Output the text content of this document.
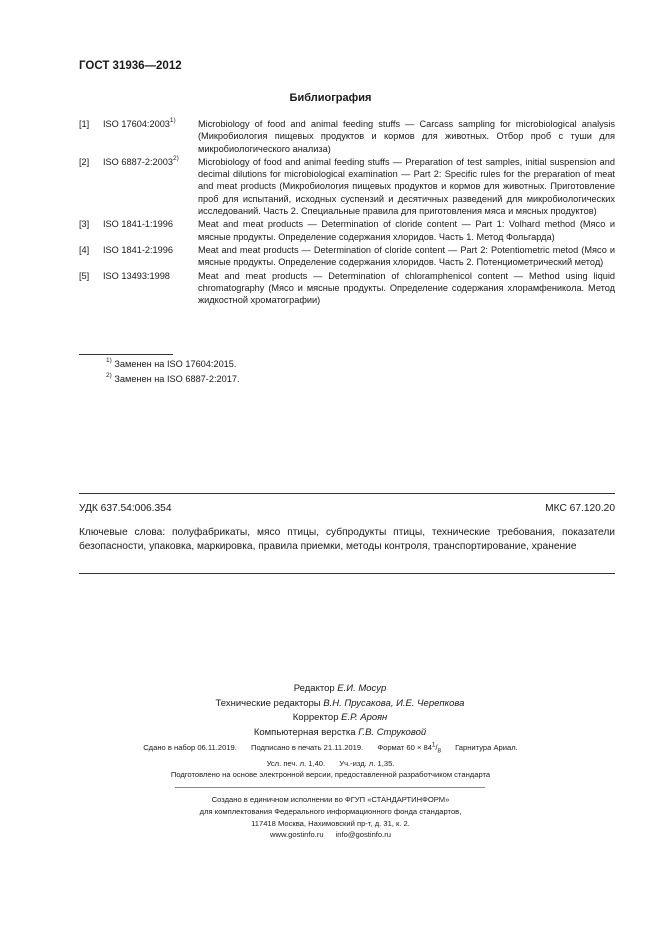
ГОСТ 31936—2012
Библиография
[1]	ISO 17604:2003$^{1)}$	Microbiology of food and animal feeding stuffs — Carcass sampling for microbiological analysis (Микробиология пищевых продуктов и кормов для животных. Отбор проб с туши для микробиологического анализа)
[2]	ISO 6887-2:2003$^{2)}$	Microbiology of food and animal feeding stuffs — Preparation of test samples, initial suspension and decimal dilutions for microbiological examination — Part 2: Specific rules for the preparation of meat and meat products (Микробиология пищевых продуктов и кормов для животных. Приготовление проб для испытаний, исходных суспензий и десятичных разведений для микробиологических исследований. Часть 2. Специальные правила для приготовления мяса и мясных продуктов)
[3]	ISO 1841-1:1996	Meat and meat products — Determination of cloride content — Part 1: Volhard method (Мясо и мясные продукты. Определение содержания хлоридов. Часть 1. Метод Фольгарда)
[4]	ISO 1841-2:1996	Meat and meat products — Determination of cloride content — Part 2: Potentiometric metod (Мясо и мясные продукты. Определение содержания хлоридов. Часть 2. Потенциометрический метод)
[5]	ISO 13493:1998	Meat and meat products — Determination of chloramphenicol content — Method using liquid chromatography (Мясо и мясные продукты. Определение содержания хлорамфеникола. Метод жидкостной хроматографии)
$^{1)}$ Заменен на ISO 17604:2015.
$^{2)}$ Заменен на ISO 6887-2:2017.
УДК 637.54:006.354	МКС 67.120.20
Ключевые слова: полуфабрикаты, мясо птицы, субпродукты птицы, технические требования, показатели безопасности, упаковка, маркировка, правила приемки, методы контроля, транспортирование, хранение
Редактор Е.И. Мосур
Технические редакторы В.Н. Прусакова, И.Е. Черепкова
Корректор Е.Р. Ароян
Компьютерная верстка Г.В. Струковой
Сдано в набор 06.11.2019. Подписано в печать 21.11.2019. Формат $60 \times 84^1/_8$ Гарнитура Ариал.
Усл. печ. л. 1,40. Уч.-изд. л. 1,35.
Подготовлено на основе электронной версии, предоставленной разработчиком стандарта
Создано в единичном исполнении во ФГУП «СТАНДАРТИНФОРМ»
для комплектования Федерального информационного фонда стандартов,
117418 Москва, Нахимовский пр-т, д. 31, к. 2.
www.gostinfo.ru info@gostinfo.ru
